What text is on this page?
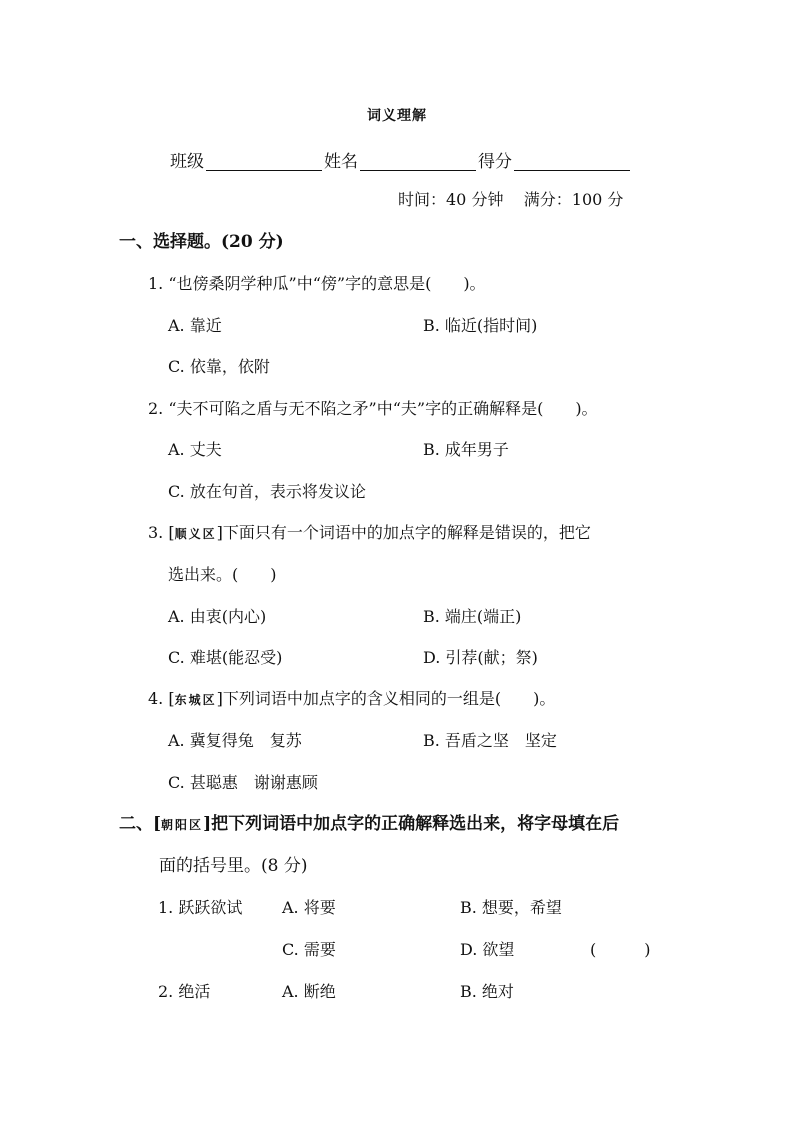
词义理解
班级	姓名	得分
时间：40 分钟    满分：100 分
一、选择题。(20 分)
1. “也傍桑阴学种瓜”中“傍”字的意思是(　　)。
A. 靠近	B. 临近(指时间)
C. 依靠，依附
2. “夫不可陷之盾与无不陷之矛”中“夫”字的正确解释是(　　)。
A. 丈夫	B. 成年男子
C. 放在句首，表示将发议论
3. [顺义区]下面只有一个词语中的加点字的解释是错误的，把它
选出来。(　　)
A. 由衷(内心)	B. 端庄(端正)
C. 难堪(能忍受)	D. 引荐(献；祭)
4. [东城区]下列词语中加点字的含义相同的一组是(　　)。
A. 冀复得兔　复苏	B. 吾盾之坚　坚定
C. 甚聪惠　谢谢惠顾
二、[朝阳区]把下列词语中加点字的正确解释选出来，将字母填在后
面的括号里。(8 分)
1. 跃跃欲试 A. 将要	B. 想要，希望
C. 需要	D. 欲望	(　　　)
2. 绝活	A. 断绝	B. 绝对
